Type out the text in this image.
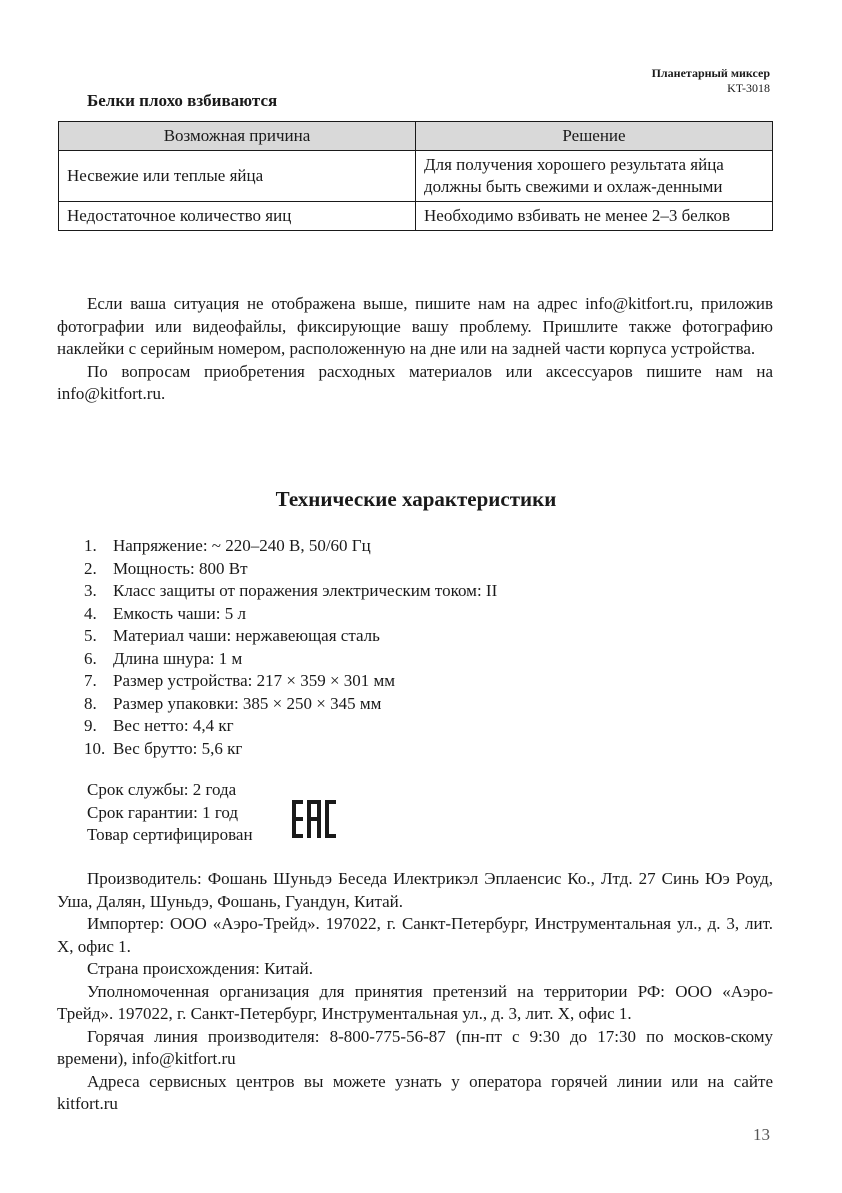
Планетарный миксер
KT-3018
Белки плохо взбиваются
Возможная причина	Решение
Несвежие или теплые яйца	Для получения хорошего результата яйца должны быть свежими и охлаж-денными
Недостаточное количество яиц	Необходимо взбивать не менее 2–3 белков

Если ваша ситуация не отображена выше, пишите нам на адрес info@kitfort.ru, приложив фотографии или видеофайлы, фиксирующие вашу проблему. Пришлите также фотографию наклейки с серийным номером, расположенную на дне или на задней части корпуса устройства.

По вопросам приобретения расходных материалов или аксессуаров пишите нам на info@kitfort.ru.

Технические характеристики
1. Напряжение: ~ 220–240 В, 50/60 Гц
2. Мощность: 800 Вт
3. Класс защиты от поражения электрическим током: II
4. Емкость чаши: 5 л
5. Материал чаши: нержавеющая сталь
6. Длина шнура: 1 м
7. Размер устройства: 217 × 359 × 301 мм
8. Размер упаковки: 385 × 250 × 345 мм
9. Вес нетто: 4,4 кг
10. Вес брутто: 5,6 кг
Срок службы: 2 года
Срок гарантии: 1 год
Товар сертифицирован

Производитель: Фошань Шуньдэ Беседа Илектрикэл Эплаенсис Ко., Лтд. 27 Синь Юэ Роуд, Уша, Далян, Шуньдэ, Фошань, Гуандун, Китай.

Импортер: ООО «Аэро-Трейд». 197022, г. Санкт-Петербург, Инструментальная ул., д. 3, лит. Х, офис 1.

Страна происхождения: Китай.

Уполномоченная организация для принятия претензий на территории РФ: ООО «Аэро-Трейд». 197022, г. Санкт-Петербург, Инструментальная ул., д. 3, лит. Х, офис 1.

Горячая линия производителя: 8-800-775-56-87 (пн-пт с 9:30 до 17:30 по москов-скому времени), info@kitfort.ru

Адреса сервисных центров вы можете узнать у оператора горячей линии или на сайте kitfort.ru

13
